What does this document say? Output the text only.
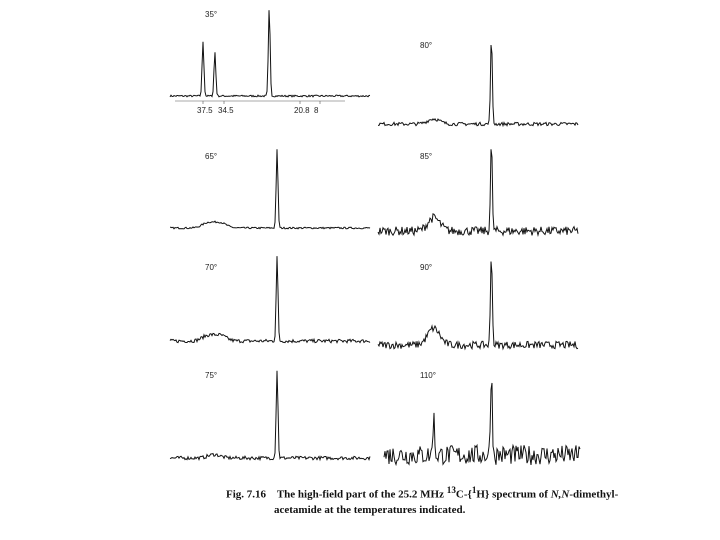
35°
37.5 34.5	20.8 8
65°
70°
75°
80°
85°
90°
110°
Fig. 7.16 The high-field part of the 25.2 MHz $^{13}$C-{$^1$H} spectrum of N,N-dimethyl-
acetamide at the temperatures indicated.
